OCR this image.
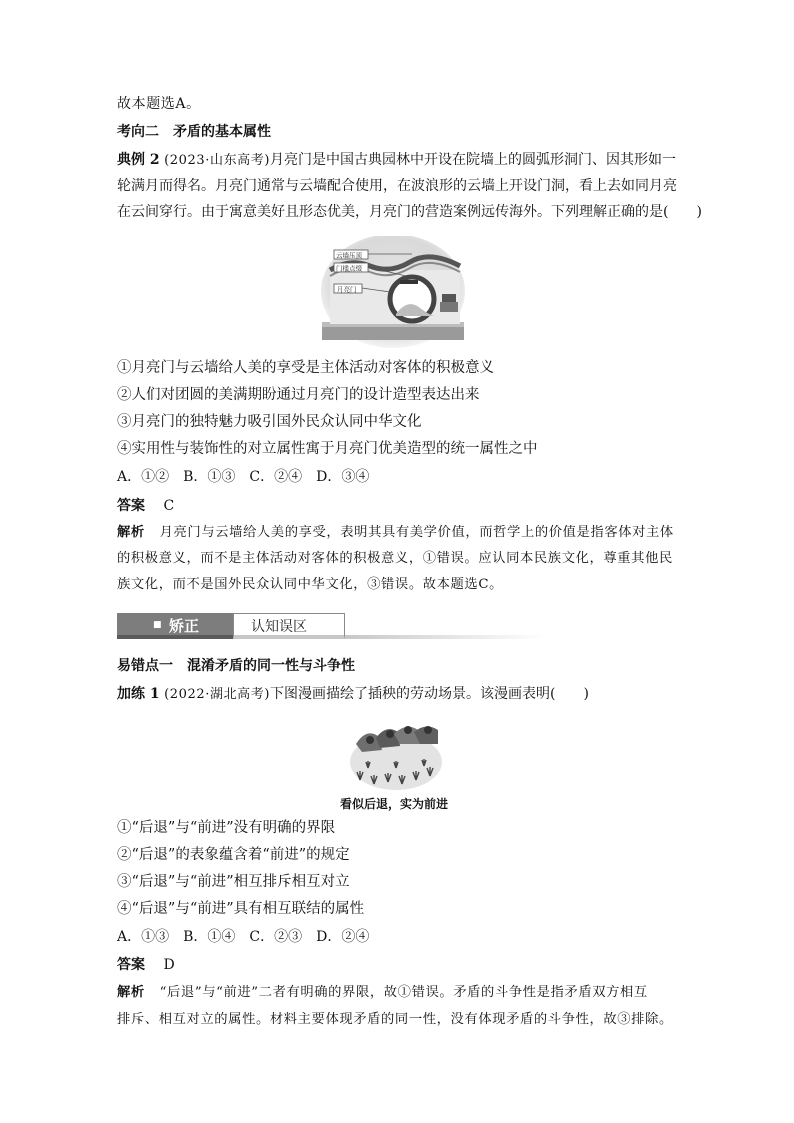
故本题选A。
考向二　矛盾的基本属性
典例 2 (2023·山东高考)月亮门是中国古典园林中开设在院墙上的圆弧形洞门、因其形如一
轮满月而得名。月亮门通常与云墙配合使用，在波浪形的云墙上开设门洞，看上去如同月亮
在云间穿行。由于寓意美好且形态优美，月亮门的营造案例远传海外。下列理解正确的是(　　)
云墙压顶
门槛点缀
月亮门
①月亮门与云墙给人美的享受是主体活动对客体的积极意义
②人们对团圆的美满期盼通过月亮门的设计造型表达出来
③月亮门的独特魅力吸引国外民众认同中华文化
④实用性与装饰性的对立属性寓于月亮门优美造型的统一属性之中
A．①②　B．①③　C．②④　D．③④
答案 C
解析 月亮门与云墙给人美的享受，表明其具有美学价值，而哲学上的价值是指客体对主体
的积极意义，而不是主体活动对客体的积极意义，①错误。应认同本民族文化，尊重其他民
族文化，而不是国外民众认同中华文化，③错误。故本题选C。
■ 矫正	认知误区
易错点一　混淆矛盾的同一性与斗争性
加练 1 (2022·湖北高考)下图漫画描绘了插秧的劳动场景。该漫画表明(　　)
看似后退，实为前进
①“后退”与“前进”没有明确的界限
②“后退”的表象蕴含着“前进”的规定
③“后退”与“前进”相互排斥相互对立
④“后退”与“前进”具有相互联结的属性
A．①③　B．①④　C．②③　D．②④
答案 D
解析 “后退”与“前进”二者有明确的界限，故①错误。矛盾的斗争性是指矛盾双方相互
排斥、相互对立的属性。材料主要体现矛盾的同一性，没有体现矛盾的斗争性，故③排除。
